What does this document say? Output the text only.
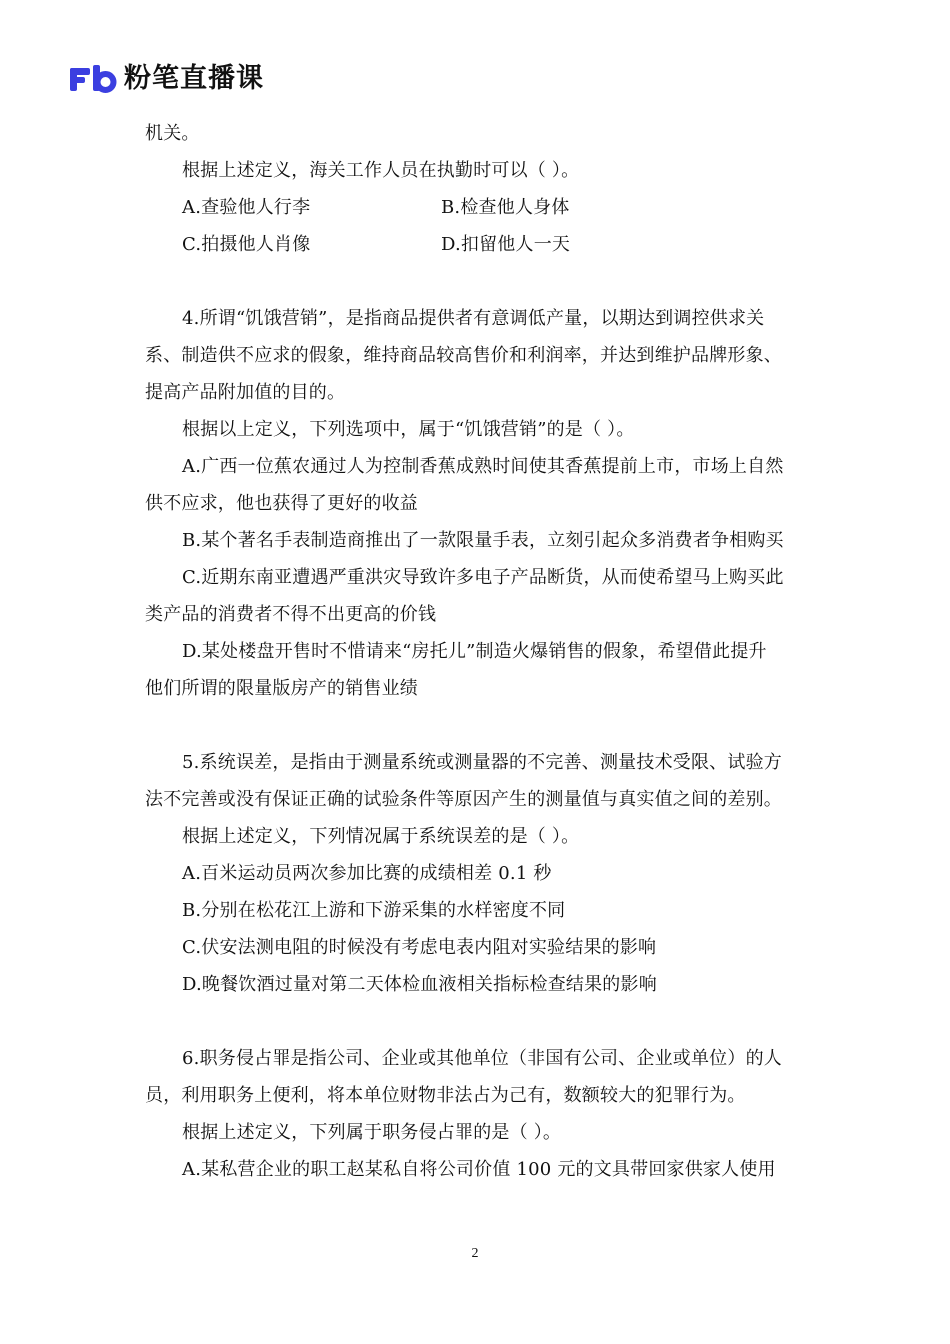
粉笔直播课
机关。
根据上述定义，海关工作人员在执勤时可以（ ）。
A.查验他人行李	B.检查他人身体
C.拍摄他人肖像	D.扣留他人一天
4.所谓“饥饿营销”，是指商品提供者有意调低产量，以期达到调控供求关
系、制造供不应求的假象，维持商品较高售价和利润率，并达到维护品牌形象、
提高产品附加值的目的。
根据以上定义，下列选项中，属于“饥饿营销”的是（ ）。
A.广西一位蕉农通过人为控制香蕉成熟时间使其香蕉提前上市，市场上自然
供不应求，他也获得了更好的收益
B.某个著名手表制造商推出了一款限量手表，立刻引起众多消费者争相购买
C.近期东南亚遭遇严重洪灾导致许多电子产品断货，从而使希望马上购买此
类产品的消费者不得不出更高的价钱
D.某处楼盘开售时不惜请来“房托儿”制造火爆销售的假象，希望借此提升
他们所谓的限量版房产的销售业绩
5.系统误差，是指由于测量系统或测量器的不完善、测量技术受限、试验方
法不完善或没有保证正确的试验条件等原因产生的测量值与真实值之间的差别。
根据上述定义，下列情况属于系统误差的是（ ）。
A.百米运动员两次参加比赛的成绩相差 0.1 秒
B.分别在松花江上游和下游采集的水样密度不同
C.伏安法测电阻的时候没有考虑电表内阻对实验结果的影响
D.晚餐饮酒过量对第二天体检血液相关指标检查结果的影响
6.职务侵占罪是指公司、企业或其他单位（非国有公司、企业或单位）的人
员，利用职务上便利，将本单位财物非法占为己有，数额较大的犯罪行为。
根据上述定义，下列属于职务侵占罪的是（ ）。
A.某私营企业的职工赵某私自将公司价值 100 元的文具带回家供家人使用
2
